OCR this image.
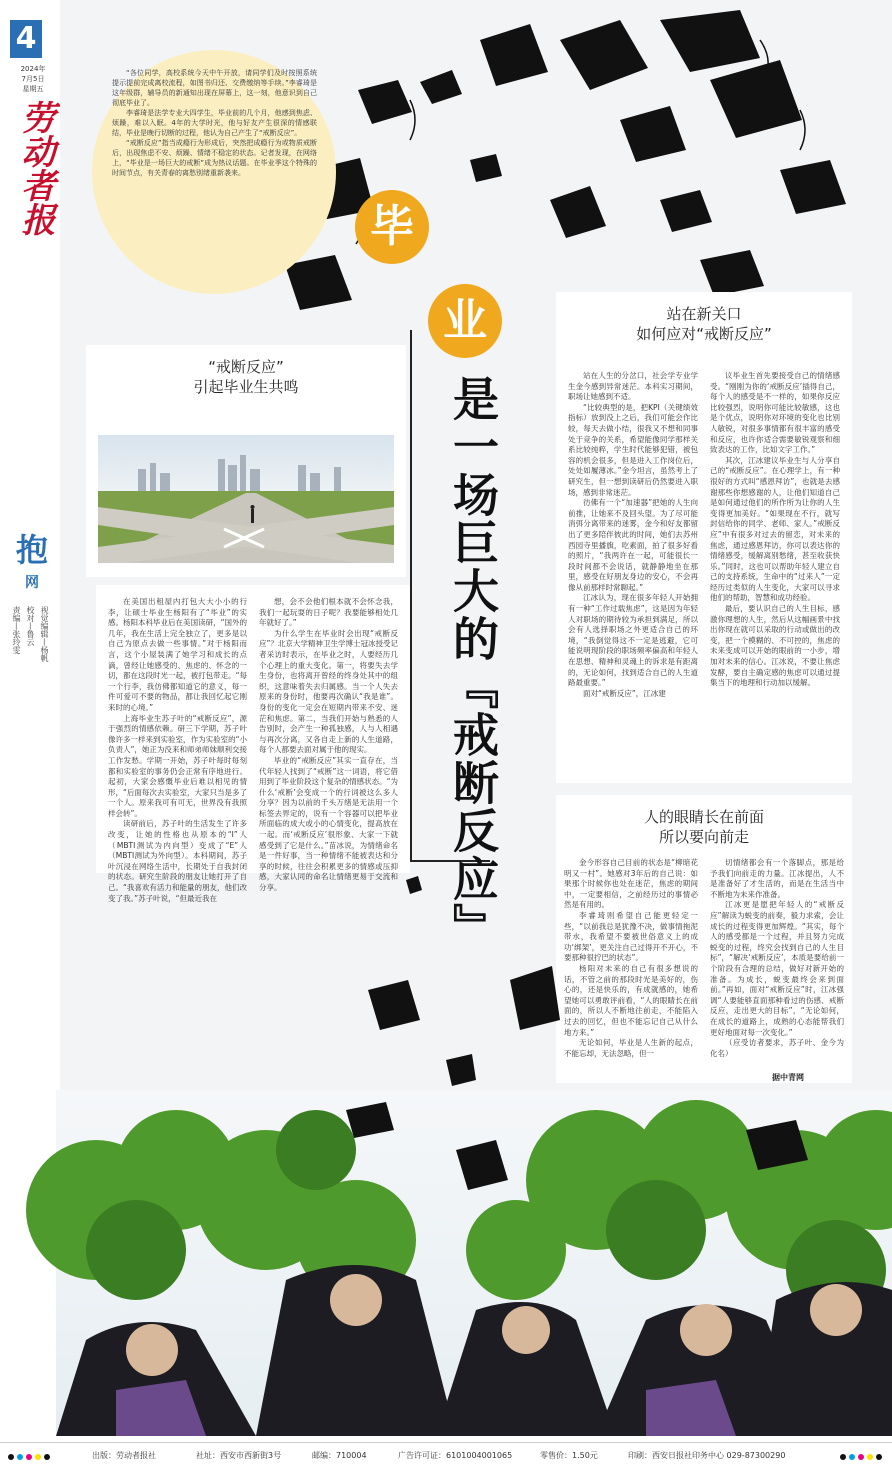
4
2024年
7月5日
星期五
劳动者报
抱
网
视觉编辑—杨帆
校对—鲁云
责编—张玲雯

“各位同学，高校系统今天中午开放，请同学们及时按照系统提示提前完成离校流程，如图书归还、交费缴纳等手续。”李睿琦是这年级群，辅导员的新通知出现在屏幕上，这一刻，他意识到自己彻底毕业了。

李睿琦是法学专业大四学生，毕业前的几个月，他感到焦虑、烦躁，难以入眠。4年的大学时光，他与好友产生很深的情感联结，毕业是晚行切断的过程，他认为自己产生了“戒断反应”。

“戒断反应”指当成瘾行为形成后，突然把成瘾行为或物质戒断后，出现焦虑不安、烦躁、情绪不稳定的状态。记者发现，在网络上，“毕业是一场巨大的戒断”成为热议话题。在毕业季这个特殊的时间节点，有关青春的离愁别绪重新袭来。

毕
业
是一场巨大的『戒断反应』
“戒断反应”
引起毕业生共鸣

在美国出租屋内打包大大小小的行李，让硕士毕业生杨阳有了“毕业”的实感。杨阳本科毕业后在美国读研，“国外的几年，我在生活上完全独立了，更多是以自己为原点去做一些事情。”对于杨阳而言，这个小屋装满了她学习和成长的点滴，曾经让她感受的、焦虑的、怀念的一切，都在这段时光一起，被打包带走。“每一个行李，我仿佛都知道它的意义，每一件可爱可不要的物品，都让我回忆起它刚来时的心境。”

上海毕业生苏子叶的“戒断反应”，源于强烈的情感依赖。研三下学期，苏子叶像许多一样来到实验室，作为实验室的“小负责人”，她正为没来和师弟师妹顺利交接工作发愁。学期一开始，苏子叶每时每刻都和实验室的事务仍会正常有序地进行。起初，大家会感慨毕业后难以相见的情形，“后面每次去实验室，大家只当是多了一个人。原来我可有可无，世界没有我照样会转”。

读研前后，苏子叶的生活发生了许多改变，让她的性格也从原本的“I”人（MBTI测试为内向型）变成了“E”人（MBTI测试为外向型）。本科期间，苏子叶沉浸在网络生活中，长期处于自我封闭的状态。研究生阶段的朋友让她打开了自己。“我喜欢有活力和能量的朋友，他们改变了我。”苏子叶说，“但最近我在

想，会不会他们根本就不会怀念我，我们一起玩耍的日子呢？我要能够相处几年就好了。”

为什么学生在毕业时会出现“戒断反应”？北京大学精神卫生学博士冠冰授受记者采访时表示，在毕业之时，人要经历几个心理上的重大变化。第一，将要失去学生身份，也将离开曾经的终身处其中的组织，这意味着失去归属感。当一个人失去原来的身份时，他要再次确认“我是谁”。身份的变化一定会在短期内带来不安、迷茫和焦虑。第二，当我们开始与熟悉的人告别时，会产生一种孤独感，人与人相遇与再次分离，又各自走上新的人生道路，每个人都要去面对属于他的现实。

毕业的“戒断反应”其实一直存在，当代年轻人找到了“戒断”这一词语，将它借用到了毕业阶段这个复杂的情感状态。“为什么‘戒断’会变成一个的行词被这么多人分享？因为以前的千头万绪是无法用一个标签去界定的，说有一个容器可以把毕业所面临的成大或小的心情变化，提高放在一起。而‘戒断反应’很形象、大家一下就感受到了它是什么。”苗冰说，为情绪命名是一件好事，当一种情绪不能被表达和分享的时候，往往会积累更多的情感或压抑感，大家认同的命名让情绪更易于交流和分享。

站在新关口
如何应对“戒断反应”

站在人生的分岔口，社会学专业学生金今感到异常迷茫。本科实习期间，职场让她感到不适。

“比较典型的是，把KPI（关键绩效指标）放到没上之后，我们可能会作比较，每天去做小结，很我又不想和同事处于竞争的关系，希望能像同学那样关系比较纯粹，学生时代能够犯错，被包容的机会很多，但是进入工作岗位后，处处如履薄冰。”金今坦言，虽然考上了研究生，但一想到读研后仍然要进入职场，感到非常迷茫。

彷佛有一个“加速器”把她的人生向前推，让她来不及回头望。为了尽可能消弭分离带来的迷雾，金今和好友都留出了更多陪伴彼此的时间，她们去苏州西园寺里播旗，吃素面，拍了很多好看的照片，“我两许在一起，可能很长一段时间都不会说话，就静静地坐在那里，感受在好朋友身边的安心，不会再像从前那样时常聊起。”

江冰认为，现在很多年轻人开始拥有一种“工作过载焦虑”，这是因为年轻人对职场的期待较为承担到满足，所以会有人选择职场之外更适合自己的环境，“我倒觉得这不一定是逃避，它可能说明现阶段的职场频率偏高和年轻人在思想、精神和灵魂上的诉求是有距离的，无论如何，找到适合自己的人生道路最重要。”

面对“戒断反应”，江冰建

议毕业生首先要接受自己的情绪感受。“刚刚为你的‘戒断反应’插得自己，每个人的感受是不一样的，如果你反应比较强烈，说明你可能比较敏感，这也是个优点，说明你对环境的变化也比别人敏锐，对很多事情都有很丰富的感受和反应，也许你适合需要敏锐观察和细致表达的工作，比如文字工作。”

其次，江冰建议毕业生与人分享自己的“戒断反应”。在心理学上，有一种很好的方式叫“感恩拜访”，也就是去感谢那些你想感谢的人，让他们知道自己是如何通过他们的所作所为让你的人生变得更加美好。“如果现在不行，就写封信给你的同学、老师、家人。”戒断反应”中有很多对过去的留恋，对未来的焦虑，通过感恩拜访，你可以表达你的情绪感受，缓解离别愁绪，甚至收获快乐。”同时，这也可以帮助年轻人建立自己的支持系统，生命中的“过来人”一定经历过类似的人生变化，大家可以寻求他们的帮助，智慧和成功经验。

最后，要认识自己的人生目标，感激你理想的人生，然后从这幅画景中找出你现在就可以采取的行动或做出的改变，把一个模糊的、不可控的，焦虑的未来变成可以开始的眼前的一小步，增加对未来的信心。江冰说，不要让焦虑发酵，要自主确定感的焦虑可以通过提集当下的地理和行动加以缓解。

人的眼睛长在前面
所以要向前走

金今形容自己目前的状态是“柳暗花明又一村”。她感对3年后的自己说：如果那个时候你也处在迷茫，焦虑的期间中，一定要相信，之前经历过的事情必然是有用的。

李睿琦则希望自己能更轻定一些，“以前我总是犹豫不决，做事情拖泥带水，我希望不要被世俗意义上的成功‘绑架’，更关注自己过得开不开心，不要那种很拧巴的状态”。

杨阳对未来的自己有很多想说的话，不管之前的那段时光是美好的，伤心的，还是快乐的，有成就感的，她希望她可以勇敢评前看，“人的眼睛长在前面的，所以人不断地往前走，不能陷入过去的回忆，但也不能忘记自己从什么地方来。”

无论如何，毕业是人生新的起点，不能忘却，无法忽略，但一

切情绪都会有一个落脚点，那是给予我们向前走的力量。江冰提出，人不是准备好了才生活的，而是在生活当中不断地为未来作准备。

江冰更是愿把年轻人的“戒断反应”解读为蜕变的前奏，毅力求索，会让成长的过程变得更加辉煌。“其实，每个人的感受都是一个过程，并且努力完成蜕变的过程，终究会找到自己的人生目标”，“解决‘戒断反应’，本质是要给前一个阶段有合理的总结，做好对新开始的准备。为成长，蜕变最终会来到面前。”再如，面对“戒断反应”时，江冰强调“人要能够直面那种看过的伤感、戒断反应，走出更大的目标”，“无论如何，在成长的道路上，成熟的心态能帮我们更好地面对每一次变化。”

（应受访者要求，苏子叶、金今为化名）

据中青网
出版：劳动者报社	社址：西安市西新街3号	邮编：710004	广告许可证：6101004001065	零售价：1.50元	印刷：西安日报社印务中心 029-87300290
